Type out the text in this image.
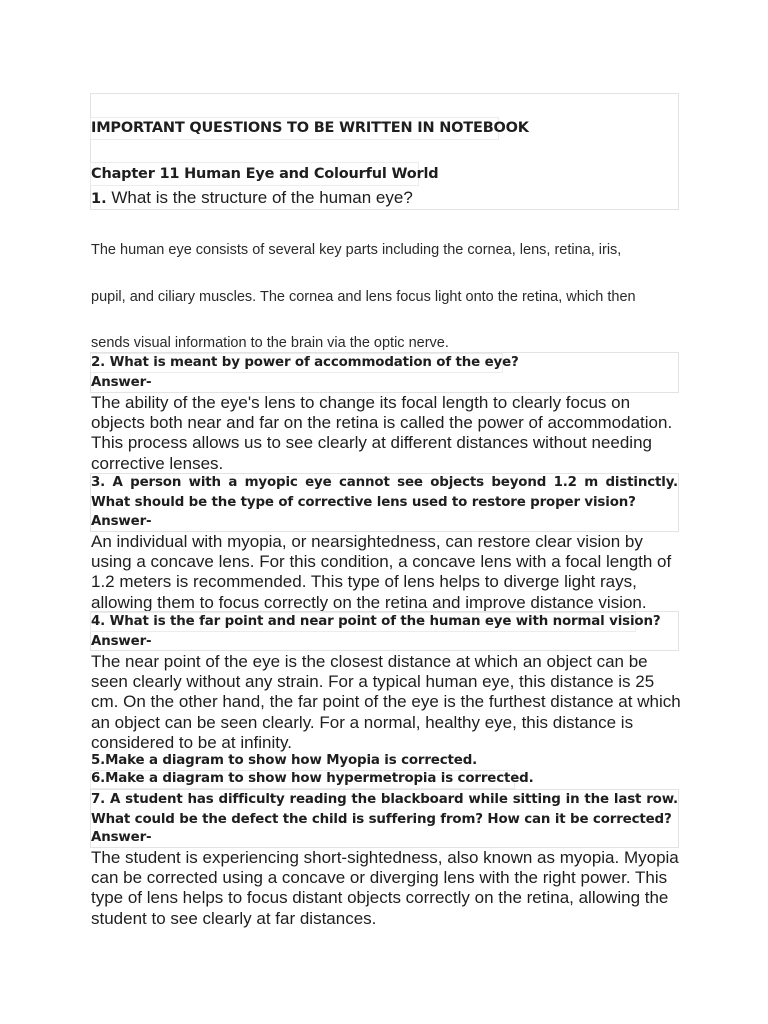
IMPORTANT QUESTIONS TO BE WRITTEN IN NOTEBOOK
Chapter 11 Human Eye and Colourful World
1. What is the structure of the human eye?
The human eye consists of several key parts including the cornea, lens, retina, iris,
pupil, and ciliary muscles. The cornea and lens focus light onto the retina, which then
sends visual information to the brain via the optic nerve.
2. What is meant by power of accommodation of the eye?
Answer-
The ability of the eye's lens to change its focal length to clearly focus on objects both near and far on the retina is called the power of accommodation. This process allows us to see clearly at different distances without needing corrective lenses.
3. A person with a myopic eye cannot see objects beyond 1.2 m distinctly. What should be the type of corrective lens used to restore proper vision?
Answer-
An individual with myopia, or nearsightedness, can restore clear vision by using a concave lens. For this condition, a concave lens with a focal length of 1.2 meters is recommended. This type of lens helps to diverge light rays, allowing them to focus correctly on the retina and improve distance vision.
4. What is the far point and near point of the human eye with normal vision?
Answer-
The near point of the eye is the closest distance at which an object can be seen clearly without any strain. For a typical human eye, this distance is 25 cm. On the other hand, the far point of the eye is the furthest distance at which an object can be seen clearly. For a normal, healthy eye, this distance is considered to be at infinity.
5.Make a diagram to show how Myopia is corrected.
6.Make a diagram to show how hypermetropia is corrected.
7. A student has difficulty reading the blackboard while sitting in the last row. What could be the defect the child is suffering from? How can it be corrected?
Answer-
The student is experiencing short-sightedness, also known as myopia. Myopia can be corrected using a concave or diverging lens with the right power. This type of lens helps to focus distant objects correctly on the retina, allowing the student to see clearly at far distances.
